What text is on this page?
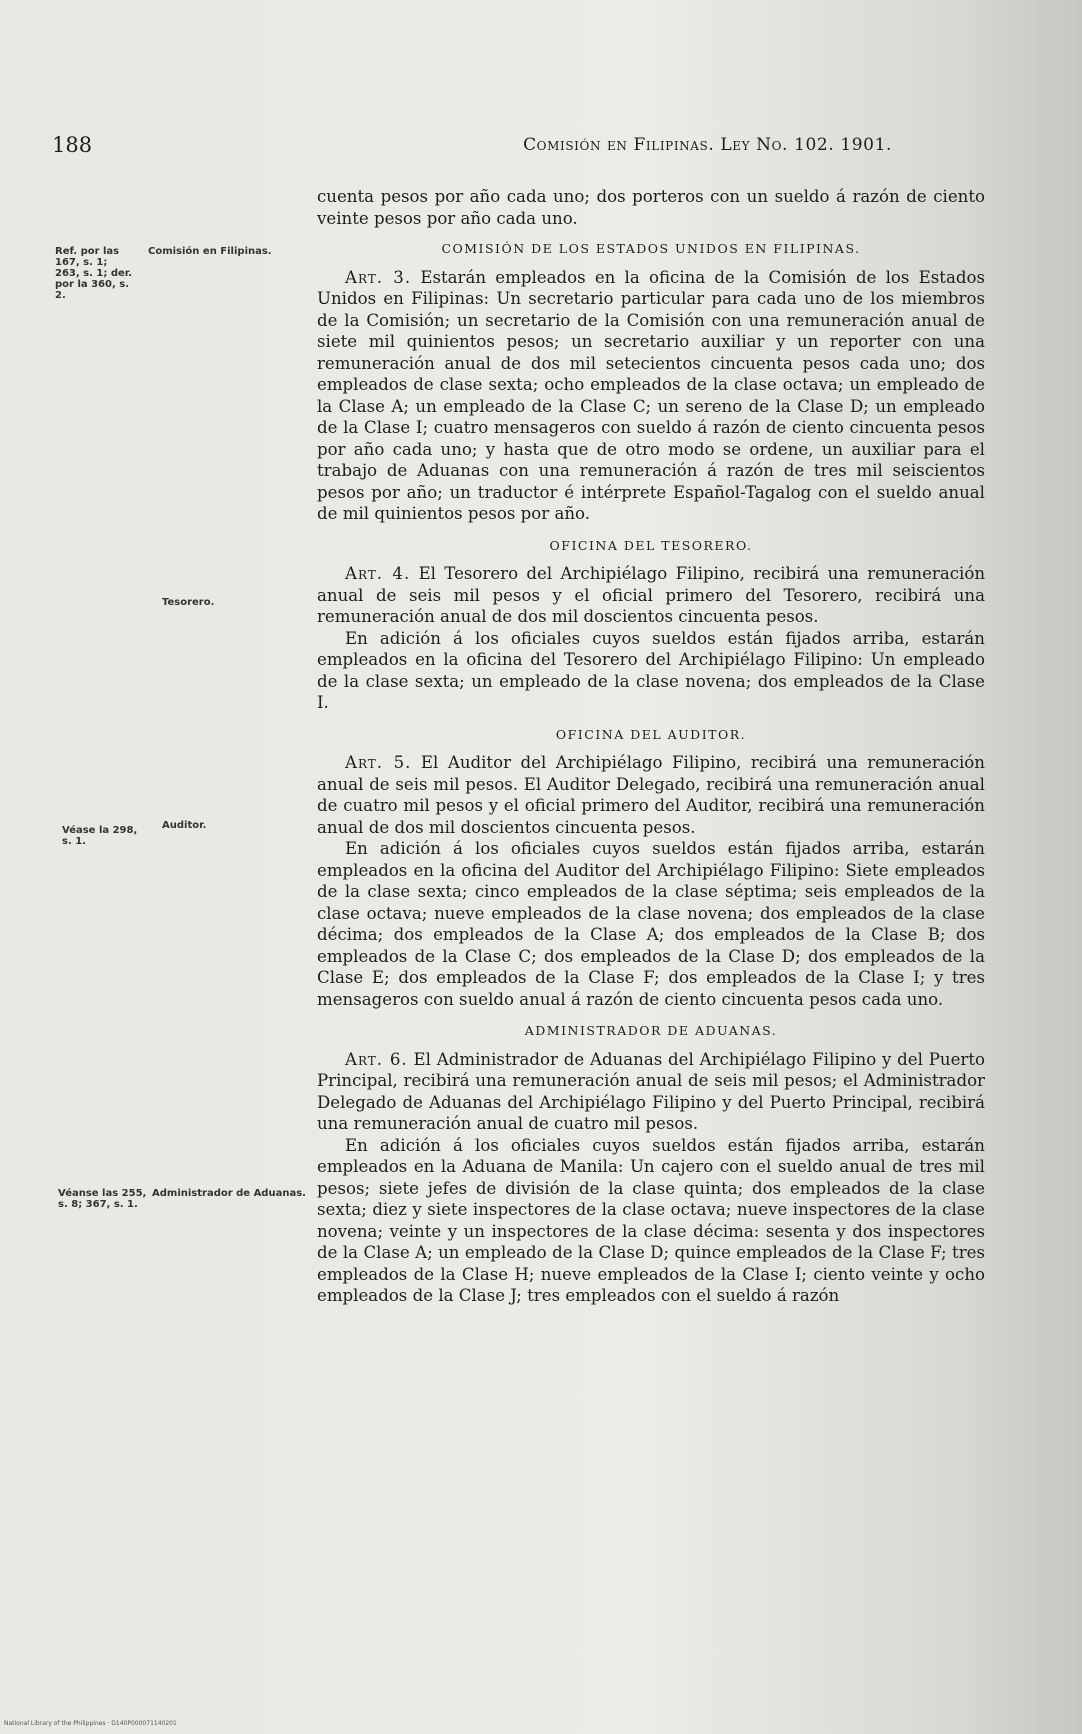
188	Comisión en Filipinas. Ley No. 102. 1901.
Ref. por las 167, s. 1; 263, s. 1; der. por la 360, s. 2.
Comisión en Filipinas.
Tesorero.
Véase la 298, s. 1.
Auditor.
Véanse las 255, s. 8; 367, s. 1.
Administrador de Aduanas.

cuenta pesos por año cada uno; dos porteros con un sueldo á razón de ciento veinte pesos por año cada uno.

COMISIÓN DE LOS ESTADOS UNIDOS EN FILIPINAS.

Art. 3. Estarán empleados en la oficina de la Comisión de los Estados Unidos en Filipinas: Un secretario particular para cada uno de los miembros de la Comisión; un secretario de la Comisión con una remuneración anual de siete mil quinientos pesos; un secretario auxiliar y un reporter con una remuneración anual de dos mil setecientos cincuenta pesos cada uno; dos empleados de clase sexta; ocho empleados de la clase octava; un empleado de la Clase A; un empleado de la Clase C; un sereno de la Clase D; un empleado de la Clase I; cuatro mensageros con sueldo á razón de ciento cincuenta pesos por año cada uno; y hasta que de otro modo se ordene, un auxiliar para el trabajo de Aduanas con una remuneración á razón de tres mil seiscientos pesos por año; un traductor é intérprete Español-Tagalog con el sueldo anual de mil quinientos pesos por año.

OFICINA DEL TESORERO.

Art. 4. El Tesorero del Archipiélago Filipino, recibirá una remuneración anual de seis mil pesos y el oficial primero del Tesorero, recibirá una remuneración anual de dos mil doscientos cincuenta pesos.

En adición á los oficiales cuyos sueldos están fijados arriba, estarán empleados en la oficina del Tesorero del Archipiélago Filipino: Un empleado de la clase sexta; un empleado de la clase novena; dos empleados de la Clase I.

OFICINA DEL AUDITOR.

Art. 5. El Auditor del Archipiélago Filipino, recibirá una remuneración anual de seis mil pesos. El Auditor Delegado, recibirá una remuneración anual de cuatro mil pesos y el oficial primero del Auditor, recibirá una remuneración anual de dos mil doscientos cincuenta pesos.

En adición á los oficiales cuyos sueldos están fijados arriba, estarán empleados en la oficina del Auditor del Archipiélago Filipino: Siete empleados de la clase sexta; cinco empleados de la clase séptima; seis empleados de la clase octava; nueve empleados de la clase novena; dos empleados de la clase décima; dos empleados de la Clase A; dos empleados de la Clase B; dos empleados de la Clase C; dos empleados de la Clase D; dos empleados de la Clase E; dos empleados de la Clase F; dos empleados de la Clase I; y tres mensageros con sueldo anual á razón de ciento cincuenta pesos cada uno.

ADMINISTRADOR DE ADUANAS.

Art. 6. El Administrador de Aduanas del Archipiélago Filipino y del Puerto Principal, recibirá una remuneración anual de seis mil pesos; el Administrador Delegado de Aduanas del Archipiélago Filipino y del Puerto Principal, recibirá una remuneración anual de cuatro mil pesos.

En adición á los oficiales cuyos sueldos están fijados arriba, estarán empleados en la Aduana de Manila: Un cajero con el sueldo anual de tres mil pesos; siete jefes de división de la clase quinta; dos empleados de la clase sexta; diez y siete inspectores de la clase octava; nueve inspectores de la clase novena; veinte y un inspectores de la clase décima: sesenta y dos inspectores de la Clase A; un empleado de la Clase D; quince empleados de la Clase F; tres empleados de la Clase H; nueve empleados de la Clase I; ciento veinte y ocho empleados de la Clase J; tres empleados con el sueldo á razón

National Library of the Philippines · D140P000071140201
